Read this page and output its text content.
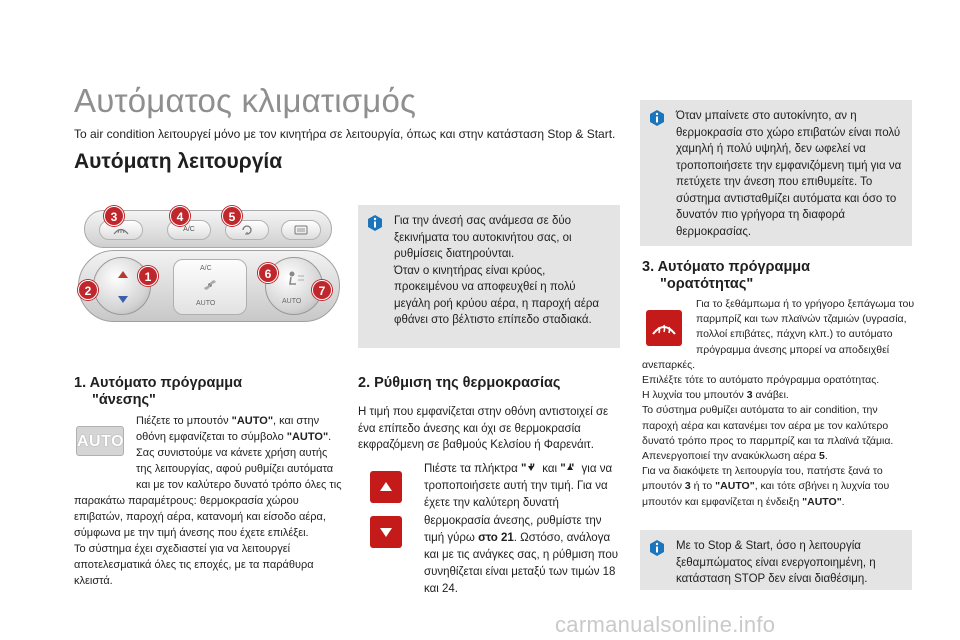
Αυτόματος κλιματισμός
To air condition λειτουργεί μόνο με τον κινητήρα σε λειτουργία, όπως και στην κατάσταση Stop & Start.
Αυτόματη λειτουργία
A/C
A/C
AUTO	AUTO
3	4	5
1
2
6
7
Για την άνεσή σας ανάμεσα σε δύο ξεκινήματα του αυτοκινήτου σας, οι ρυθμίσεις διατηρούνται.
Όταν ο κινητήρας είναι κρύος, προκειμένου να αποφευχθεί η πολύ μεγάλη ροή κρύου αέρα, η παροχή αέρα φθάνει στο βέλτιστο επίπεδο σταδιακά.
Όταν μπαίνετε στο αυτοκίνητο, αν η θερμοκρασία στο χώρο επιβατών είναι πολύ χαμηλή ή πολύ υψηλή, δεν ωφελεί να τροποποιήσετε την εμφανιζόμενη τιμή για να πετύχετε την άνεση που επιθυμείτε. Το σύστημα αντισταθμίζει αυτόματα και όσο το δυνατόν πιο γρήγορα τη διαφορά θερμοκρασίας.
1. Αυτόματο πρόγραμμα
"άνεσης"
AUTO
Πιέζετε το μπουτόν "AUTO", και στην οθόνη εμφανίζεται το σύμβολο "AUTO". Σας συνιστούμε να κάνετε χρήση αυτής της λειτουργίας, αφού ρυθμίζει αυτόματα και με τον καλύτερο δυνατό τρόπο όλες τις παρακάτω παραμέτρους: θερμοκρασία χώρου επιβατών, παροχή αέρα, κατανομή και είσοδο αέρα, σύμφωνα με την τιμή άνεσης που έχετε επιλέξει.
Το σύστημα έχει σχεδιαστεί για να λειτουργεί αποτελεσματικά όλες τις εποχές, με τα παράθυρα κλειστά.
2. Ρύθμιση της θερμοκρασίας
Η τιμή που εμφανίζεται στην οθόνη αντιστοιχεί σε ένα επίπεδο άνεσης και όχι σε θερμοκρασία εκφραζόμενη σε βαθμούς Κελσίου ή Φαρενάιτ.
Πιέστε τα πλήκτρα " " και " " για να τροποποιήσετε αυτή την τιμή. Για να έχετε την καλύτερη δυνατή θερμοκρασία άνεσης, ρυθμίστε την τιμή γύρω στο 21. Ωστόσο, ανάλογα και με τις ανάγκες σας, η ρύθμιση που συνηθίζεται είναι μεταξύ των τιμών 18 και 24.
3. Αυτόματο πρόγραμμα
"ορατότητας"
Για το ξεθάμπωμα ή το γρήγορο ξεπάγωμα του παρμπρίζ και των πλαϊνών τζαμιών (υγρασία, πολλοί επιβάτες, πάχνη κλπ.) το αυτόματο πρόγραμμα άνεσης μπορεί να αποδειχθεί ανεπαρκές.
Επιλέξτε τότε το αυτόματο πρόγραμμα ορατότητας.
Η λυχνία του μπουτόν 3 ανάβει.
Το σύστημα ρυθμίζει αυτόματα το air condition, την παροχή αέρα και κατανέμει τον αέρα με τον καλύτερο δυνατό τρόπο προς το παρμπρίζ και τα πλαϊνά τζάμια. Απενεργοποιεί την ανακύκλωση αέρα 5.
Για να διακόψετε τη λειτουργία του, πατήστε ξανά το μπουτόν 3 ή το "AUTO", και τότε σβήνει η λυχνία του μπουτόν και εμφανίζεται η ένδειξη "AUTO".
Με το Stop & Start, όσο η λειτουργία ξεθαμπώματος είναι ενεργοποιημένη, η κατάσταση STOP δεν είναι διαθέσιμη.
carmanualsonline.info
